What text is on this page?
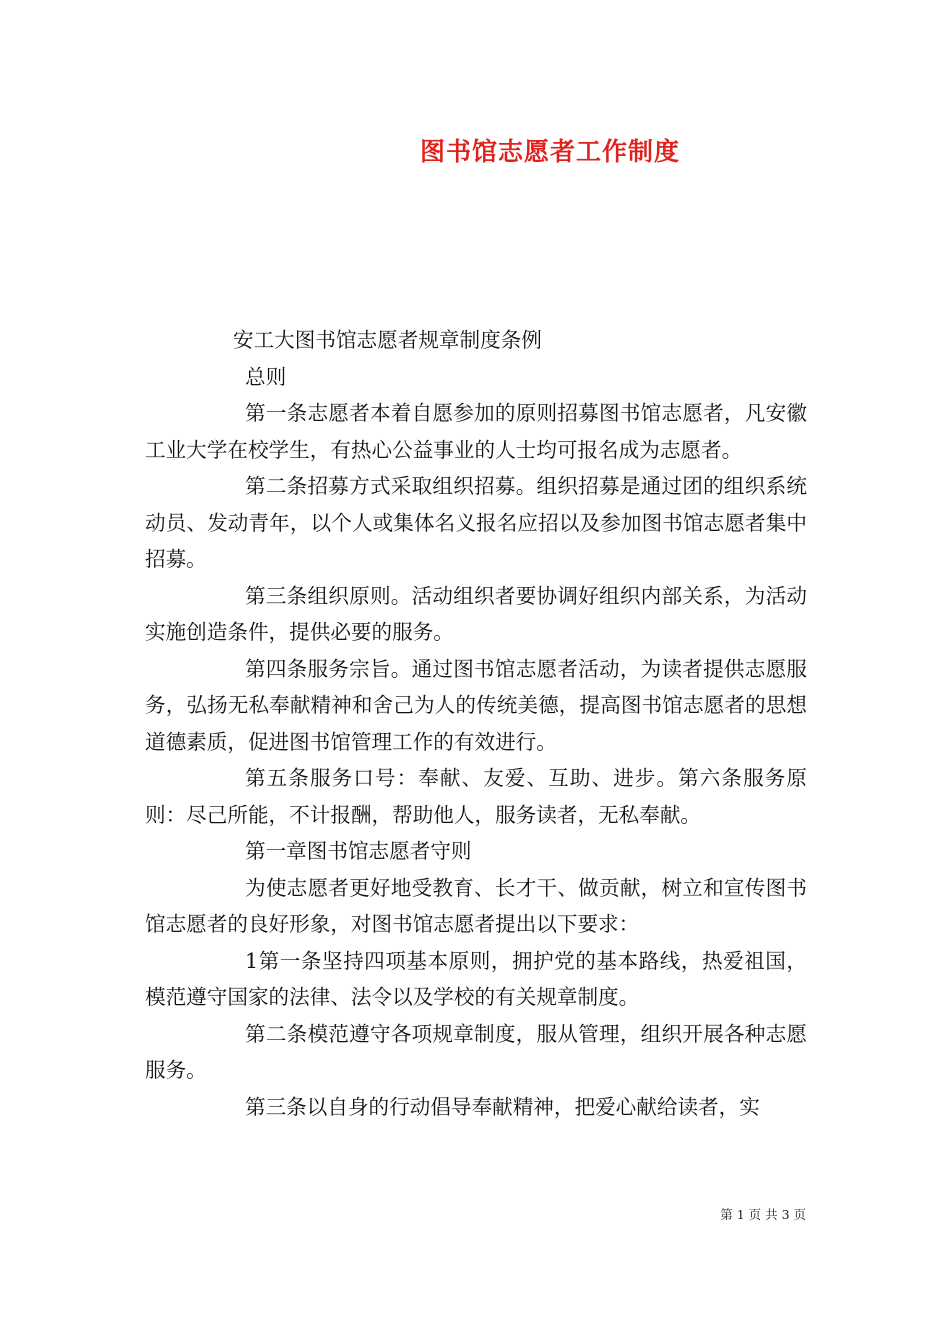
图书馆志愿者工作制度

安工大图书馆志愿者规章制度条例

总则

第一条志愿者本着自愿参加的原则招募图书馆志愿者，凡安徽工业大学在校学生，有热心公益事业的人士均可报名成为志愿者。

第二条招募方式采取组织招募。组织招募是通过团的组织系统动员、发动青年，以个人或集体名义报名应招以及参加图书馆志愿者集中招募。

第三条组织原则。活动组织者要协调好组织内部关系，为活动实施创造条件，提供必要的服务。

第四条服务宗旨。通过图书馆志愿者活动，为读者提供志愿服务，弘扬无私奉献精神和舍己为人的传统美德，提高图书馆志愿者的思想道德素质，促进图书馆管理工作的有效进行。

第五条服务口号：奉献、友爱、互助、进步。第六条服务原则：尽己所能，不计报酬，帮助他人，服务读者，无私奉献。

第一章图书馆志愿者守则

为使志愿者更好地受教育、长才干、做贡献，树立和宣传图书馆志愿者的良好形象，对图书馆志愿者提出以下要求：

1第一条坚持四项基本原则，拥护党的基本路线，热爱祖国，模范遵守国家的法律、法令以及学校的有关规章制度。

第二条模范遵守各项规章制度，服从管理，组织开展各种志愿服务。

第三条以自身的行动倡导奉献精神，把爱心献给读者，实

第 1 页 共 3 页
